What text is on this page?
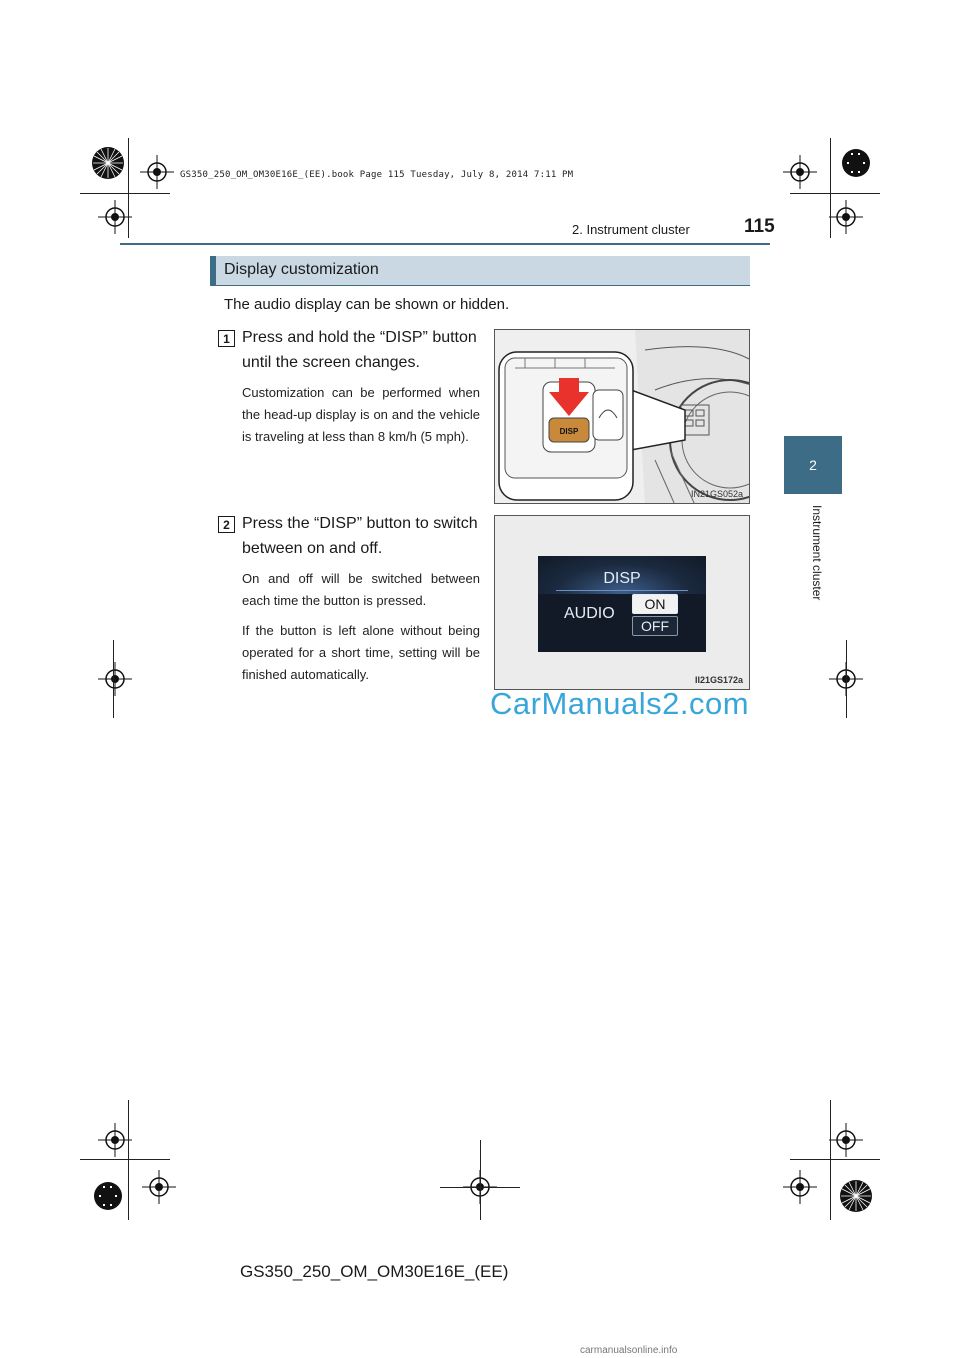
GS350_250_OM_OM30E16E_(EE).book Page 115 Tuesday, July 8, 2014 7:11 PM
2. Instrument cluster	115
2
Instrument cluster
Display customization
The audio display can be shown or hidden.
1 Press and hold the “DISP” button until the screen changes.
Customization can be performed when the head-up display is on and the vehicle is traveling at less than 8 km/h (5 mph).	DISP
IN21GS052a
2 Press the “DISP” button to switch between on and off.
On and off will be switched between each time the button is pressed.
If the button is left alone without being operated for a short time, setting will be finished automatically.
DISP
AUDIO
ON
OFF
II21GS172a
CarManuals2.com
GS350_250_OM_OM30E16E_(EE)
carmanualsonline.info
